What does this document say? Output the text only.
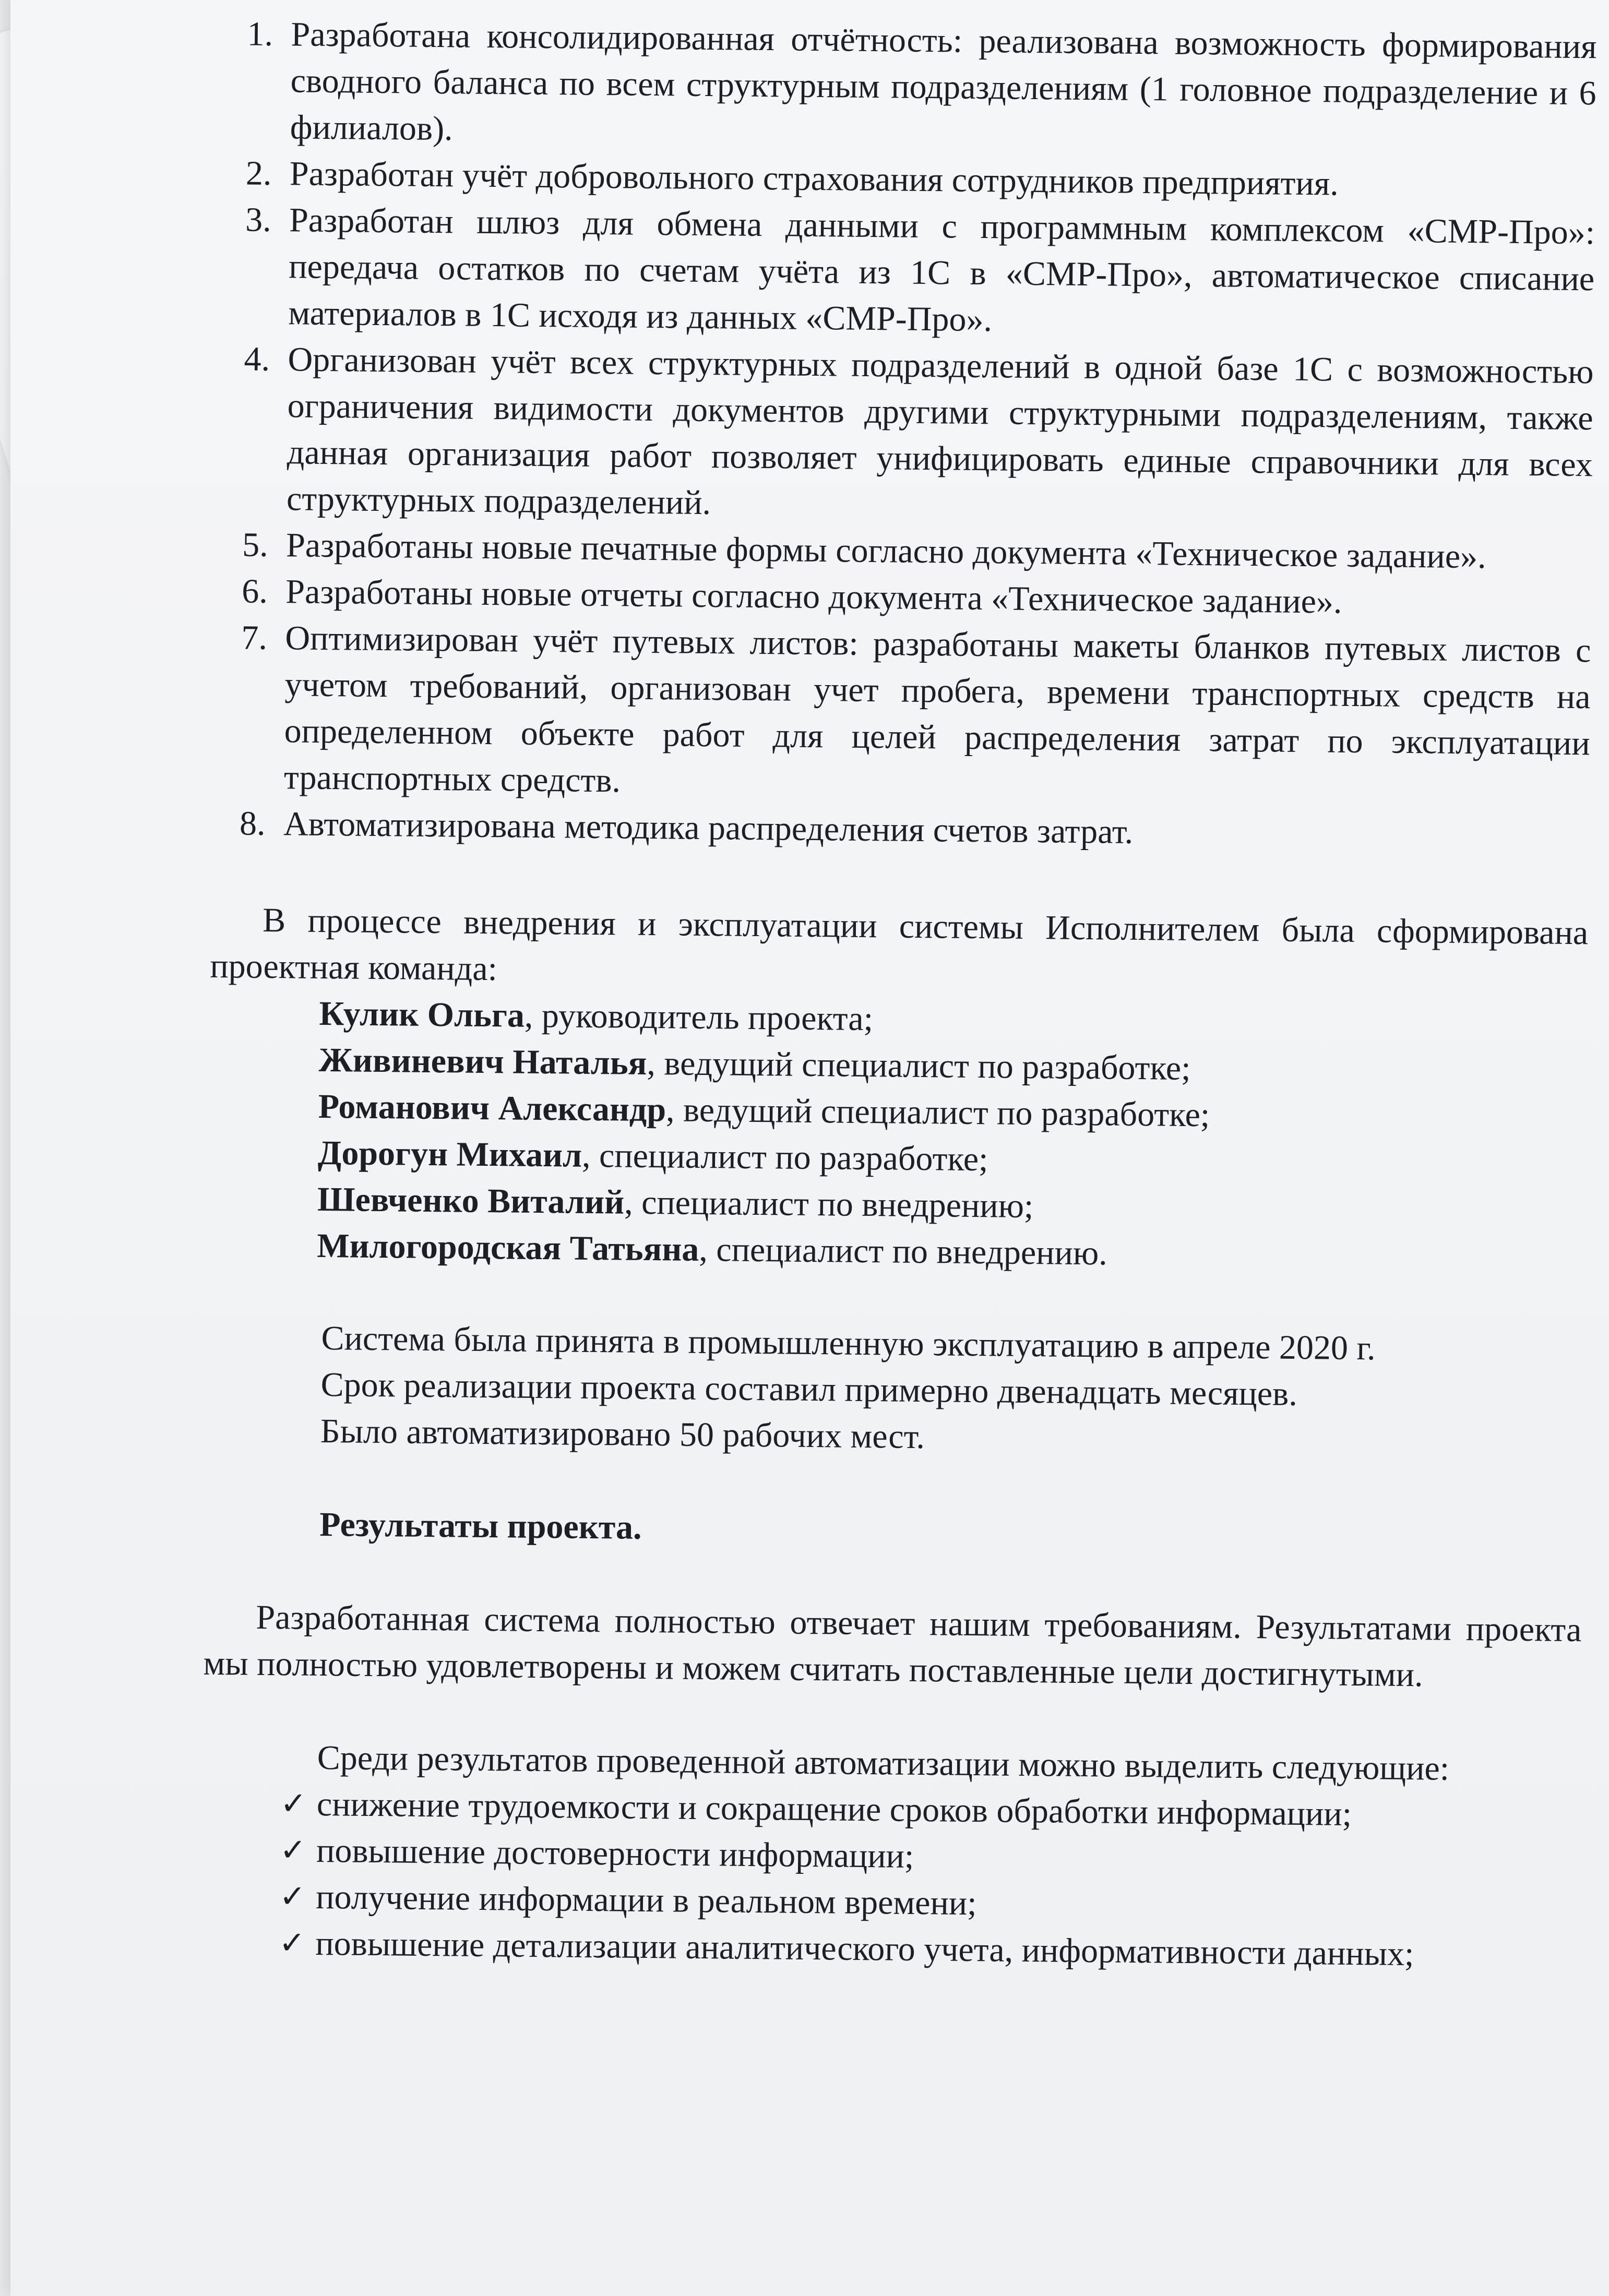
1. Разработана консолидированная отчётность: реализована возможность формирования сводного баланса по всем структурным подразделениям (1 головное подразделение и 6 филиалов).
2. Разработан учёт добровольного страхования сотрудников предприятия.
3. Разработан шлюз для обмена данными с программным комплексом «СМР-Про»: передача остатков по счетам учёта из 1С в «СМР-Про», автоматическое списание материалов в 1С исходя из данных «СМР-Про».
4. Организован учёт всех структурных подразделений в одной базе 1С с возможностью ограничения видимости документов другими структурными подразделениям, также данная организация работ позволяет унифицировать единые справочники для всех структурных подразделений.
5. Разработаны новые печатные формы согласно документа «Техническое задание».
6. Разработаны новые отчеты согласно документа «Техническое задание».
7. Оптимизирован учёт путевых листов: разработаны макеты бланков путевых листов с учетом требований, организован учет пробега, времени транспортных средств на определенном объекте работ для целей распределения затрат по эксплуатации транспортных средств.
8. Автоматизирована методика распределения счетов затрат.

В процессе внедрения и эксплуатации системы Исполнителем была сформирована проектная команда:

Кулик Ольга, руководитель проекта;
Живиневич Наталья, ведущий специалист по разработке;
Романович Александр, ведущий специалист по разработке;
Дорогун Михаил, специалист по разработке;
Шевченко Виталий, специалист по внедрению;
Милогородская Татьяна, специалист по внедрению.

Система была принята в промышленную эксплуатацию в апреле 2020 г.

Срок реализации проекта составил примерно двенадцать месяцев.

Было автоматизировано 50 рабочих мест.

Результаты проекта.

Разработанная система полностью отвечает нашим требованиям. Результатами проекта мы полностью удовлетворены и можем считать поставленные цели достигнутыми.

Среди результатов проведенной автоматизации можно выделить следующие:

✓ снижение трудоемкости и сокращение сроков обработки информации;
✓ повышение достоверности информации;
✓ получение информации в реальном времени;
✓ повышение детализации аналитического учета, информативности данных;
